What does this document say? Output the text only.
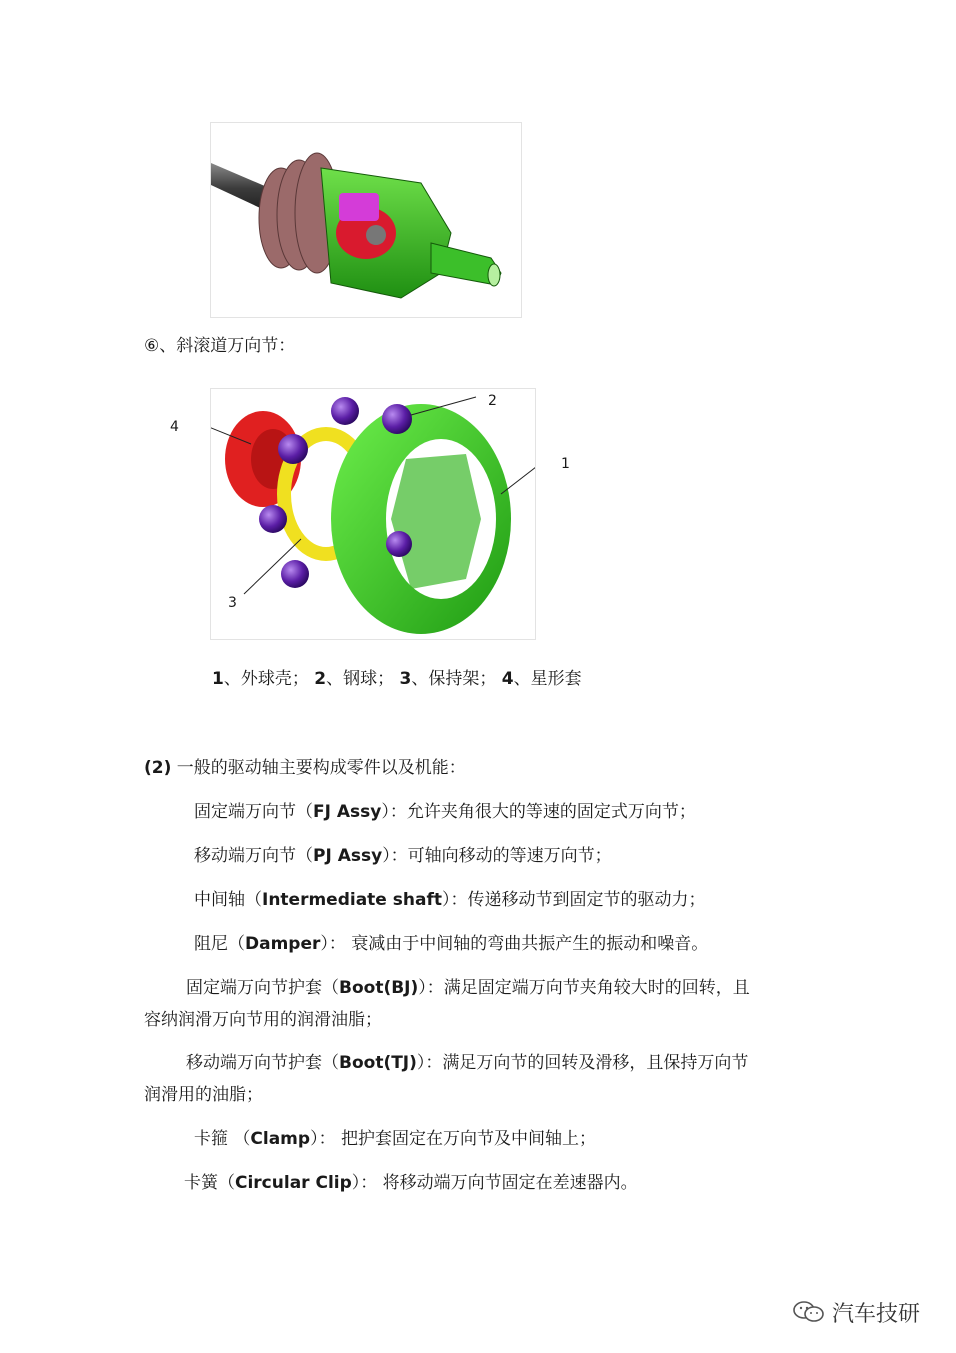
⑥、斜滚道万向节：
4
2
1
3
1、外球壳； 2、钢球； 3、保持架； 4、星形套
(2) 一般的驱动轴主要构成零件以及机能：
固定端万向节（FJ Assy）：允许夹角很大的等速的固定式万向节；
移动端万向节（PJ Assy）：可轴向移动的等速万向节；
中间轴（Intermediate shaft）：传递移动节到固定节的驱动力；
阻尼（Damper）： 衰减由于中间轴的弯曲共振产生的振动和噪音。
固定端万向节护套（Boot(BJ)）：满足固定端万向节夹角较大时的回转，且
容纳润滑万向节用的润滑油脂；
移动端万向节护套（Boot(TJ)）：满足万向节的回转及滑移，且保持万向节
润滑用的油脂；
卡箍 （Clamp）： 把护套固定在万向节及中间轴上；
卡簧（Circular Clip）： 将移动端万向节固定在差速器内。
汽车技研
